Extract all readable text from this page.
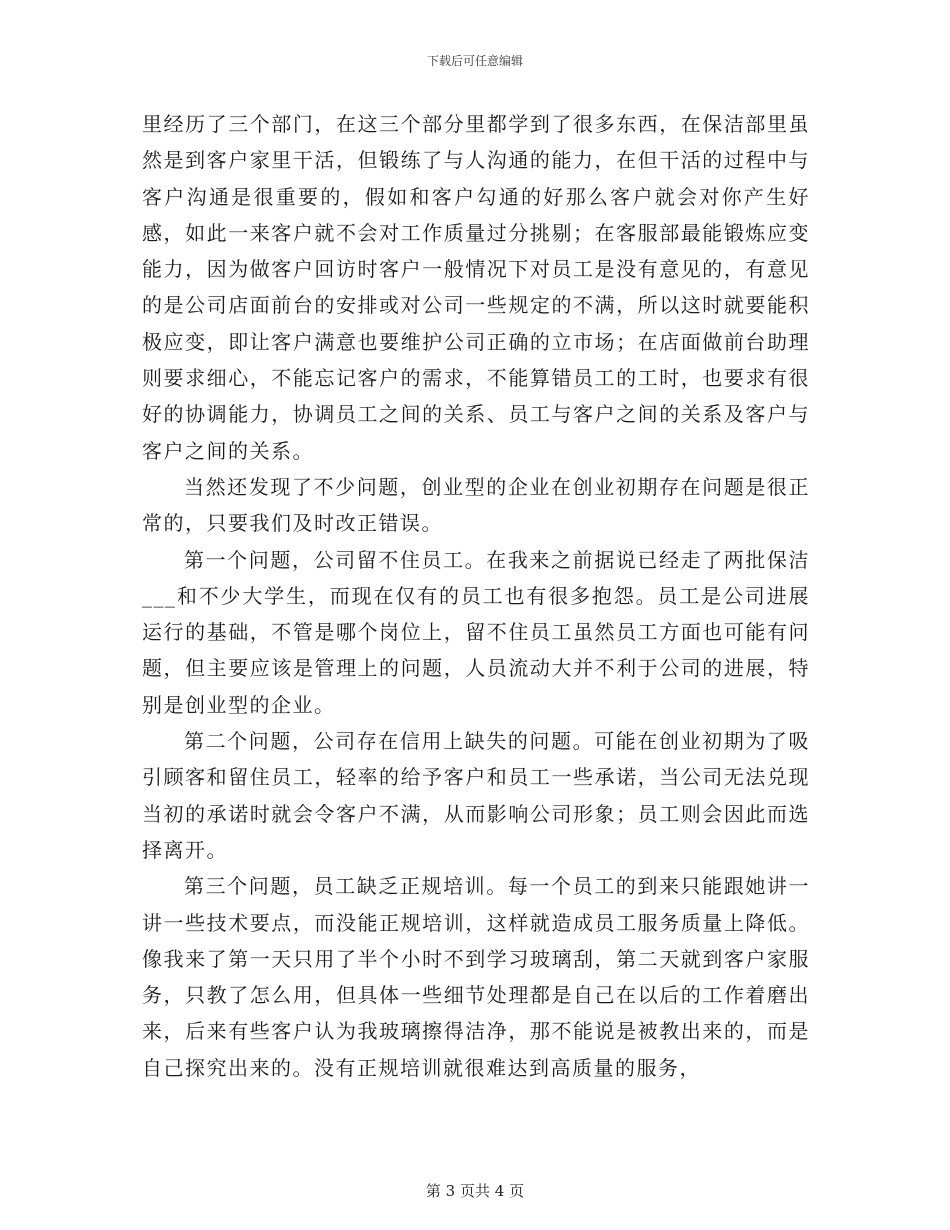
下载后可任意编辑

里经历了三个部门，在这三个部分里都学到了很多东西，在保洁部里虽然是到客户家里干活，但锻练了与人沟通的能力，在但干活的过程中与客户沟通是很重要的，假如和客户勾通的好那么客户就会对你产生好感，如此一来客户就不会对工作质量过分挑剔；在客服部最能锻炼应变能力，因为做客户回访时客户一般情况下对员工是没有意见的，有意见的是公司店面前台的安排或对公司一些规定的不满，所以这时就要能积极应变，即让客户满意也要维护公司正确的立市场；在店面做前台助理则要求细心，不能忘记客户的需求，不能算错员工的工时，也要求有很好的协调能力，协调员工之间的关系、员工与客户之间的关系及客户与客户之间的关系。

当然还发现了不少问题，创业型的企业在创业初期存在问题是很正常的，只要我们及时改正错误。

第一个问题，公司留不住员工。在我来之前据说已经走了两批保洁___和不少大学生，而现在仅有的员工也有很多抱怨。员工是公司进展运行的基础，不管是哪个岗位上，留不住员工虽然员工方面也可能有问题，但主要应该是管理上的问题，人员流动大并不利于公司的进展，特别是创业型的企业。

第二个问题，公司存在信用上缺失的问题。可能在创业初期为了吸引顾客和留住员工，轻率的给予客户和员工一些承诺，当公司无法兑现当初的承诺时就会令客户不满，从而影响公司形象；员工则会因此而选择离开。

第三个问题，员工缺乏正规培训。每一个员工的到来只能跟她讲一讲一些技术要点，而没能正规培训，这样就造成员工服务质量上降低。像我来了第一天只用了半个小时不到学习玻璃刮，第二天就到客户家服务，只教了怎么用，但具体一些细节处理都是自己在以后的工作着磨出来，后来有些客户认为我玻璃擦得洁净，那不能说是被教出来的，而是自己探究出来的。没有正规培训就很难达到高质量的服务，

第 3 页共 4 页
